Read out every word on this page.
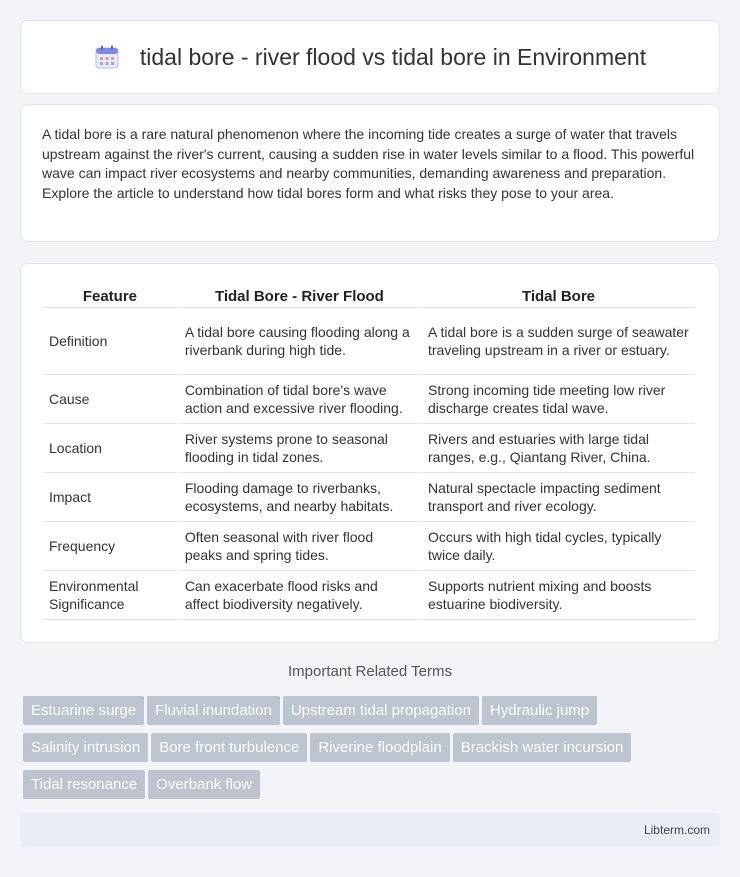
tidal bore - river flood vs tidal bore in Environment

A tidal bore is a rare natural phenomenon where the incoming tide creates a surge of water that travels upstream against the river's current, causing a sudden rise in water levels similar to a flood. This powerful wave can impact river ecosystems and nearby communities, demanding awareness and preparation. Explore the article to understand how tidal bores form and what risks they pose to your area.

Feature	Tidal Bore - River Flood	Tidal Bore
Definition	A tidal bore causing flooding along a riverbank during high tide.	A tidal bore is a sudden surge of seawater traveling upstream in a river or estuary.
Cause	Combination of tidal bore's wave action and excessive river flooding.	Strong incoming tide meeting low river discharge creates tidal wave.
Location	River systems prone to seasonal flooding in tidal zones.	Rivers and estuaries with large tidal ranges, e.g., Qiantang River, China.
Impact	Flooding damage to riverbanks, ecosystems, and nearby habitats.	Natural spectacle impacting sediment transport and river ecology.
Frequency	Often seasonal with river flood peaks and spring tides.	Occurs with high tidal cycles, typically twice daily.
Environmental Significance	Can exacerbate flood risks and affect biodiversity negatively.	Supports nutrient mixing and boosts estuarine biodiversity.
Important Related Terms
Estuarine surge	Fluvial inundation	Upstream tidal propagation	Hydraulic jump
Salinity intrusion	Bore front turbulence	Riverine floodplain	Brackish water incursion
Tidal resonance	Overbank flow
Libterm.com
